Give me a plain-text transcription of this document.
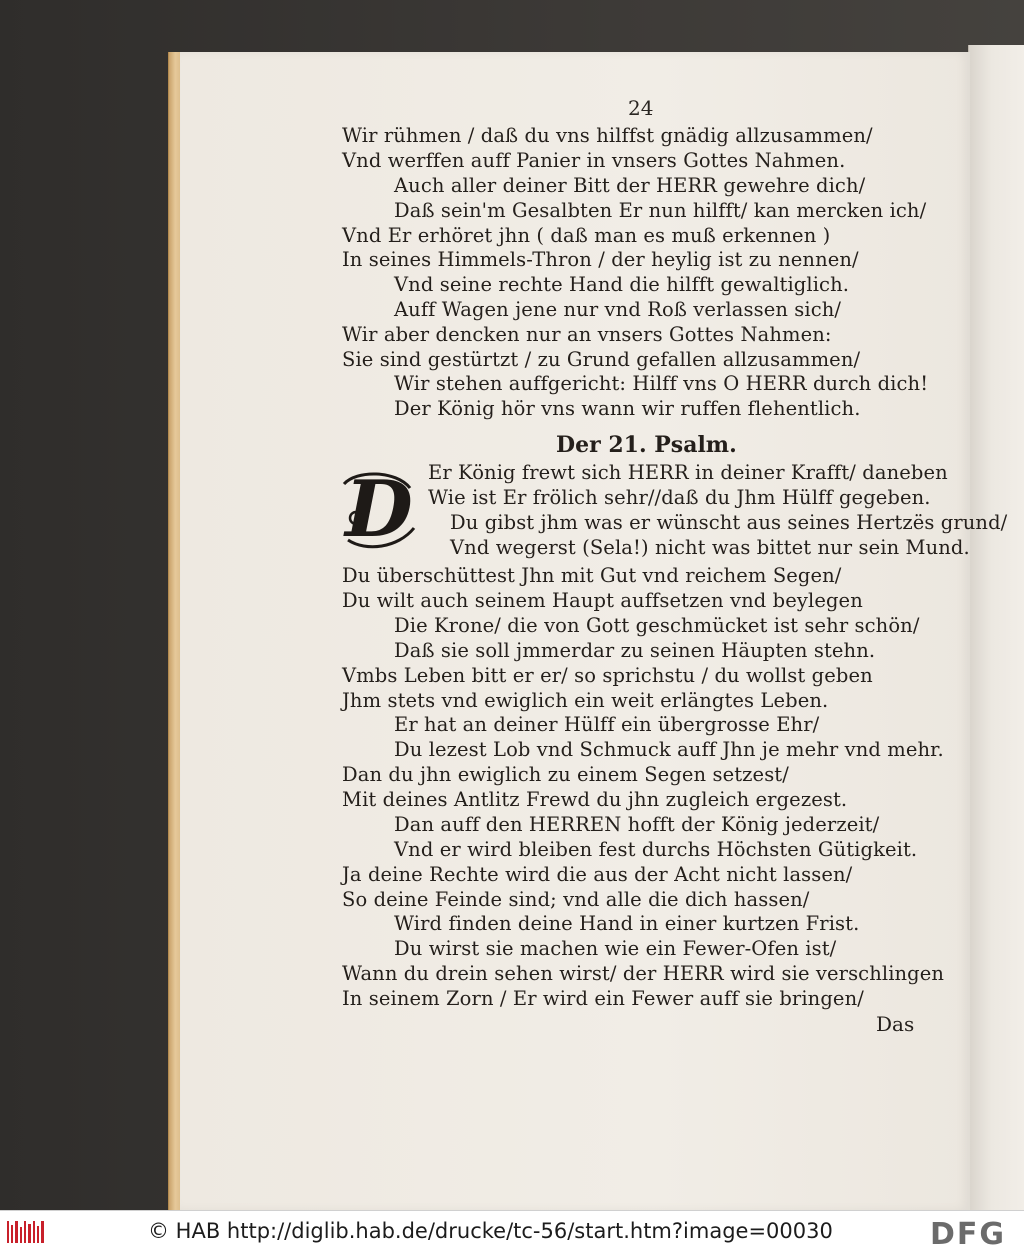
24
Wir rühmen / daß du vns hilffst gnädig allzusammen/
Vnd werffen auff Panier in vnsers Gottes Nahmen.
Auch aller deiner Bitt der HERR gewehre dich/
Daß sein'm Gesalbten Er nun hilfft/ kan mercken ich/
Vnd Er erhöret jhn ( daß man es muß erkennen )
In seines Himmels-Thron / der heylig ist zu nennen/
Vnd seine rechte Hand die hilfft gewaltiglich.
Auff Wagen jene nur vnd Roß verlassen sich/
Wir aber dencken nur an vnsers Gottes Nahmen:
Sie sind gestürtzt / zu Grund gefallen allzusammen/
Wir stehen auffgericht: Hilff vns O HERR durch dich!
Der König hör vns wann wir ruffen flehentlich.
Der 21. Psalm.
D Er König frewt sich HERR in deiner Krafft/ daneben
Wie ist Er frölich sehr//daß du Jhm Hülff gegeben.
Du gibst jhm was er wünscht aus seines Hertzës grund/
Vnd wegerst (Sela!) nicht was bittet nur sein Mund.
Du überschüttest Jhn mit Gut vnd reichem Segen/
Du wilt auch seinem Haupt auffsetzen vnd beylegen
Die Krone/ die von Gott geschmücket ist sehr schön/
Daß sie soll jmmerdar zu seinen Häupten stehn.
Vmbs Leben bitt er er/ so sprichstu / du wollst geben
Jhm stets vnd ewiglich ein weit erlängtes Leben.
Er hat an deiner Hülff ein übergrosse Ehr/
Du lezest Lob vnd Schmuck auff Jhn je mehr vnd mehr.
Dan du jhn ewiglich zu einem Segen setzest/
Mit deines Antlitz Frewd du jhn zugleich ergezest.
Dan auff den HERREN hofft der König jederzeit/
Vnd er wird bleiben fest durchs Höchsten Gütigkeit.
Ja deine Rechte wird die aus der Acht nicht lassen/
So deine Feinde sind; vnd alle die dich hassen/
Wird finden deine Hand in einer kurtzen Frist.
Du wirst sie machen wie ein Fewer-Ofen ist/
Wann du drein sehen wirst/ der HERR wird sie verschlingen
In seinem Zorn / Er wird ein Fewer auff sie bringen/
Das
© HAB http://diglib.hab.de/drucke/tc-56/start.htm?image=00030	DFG
